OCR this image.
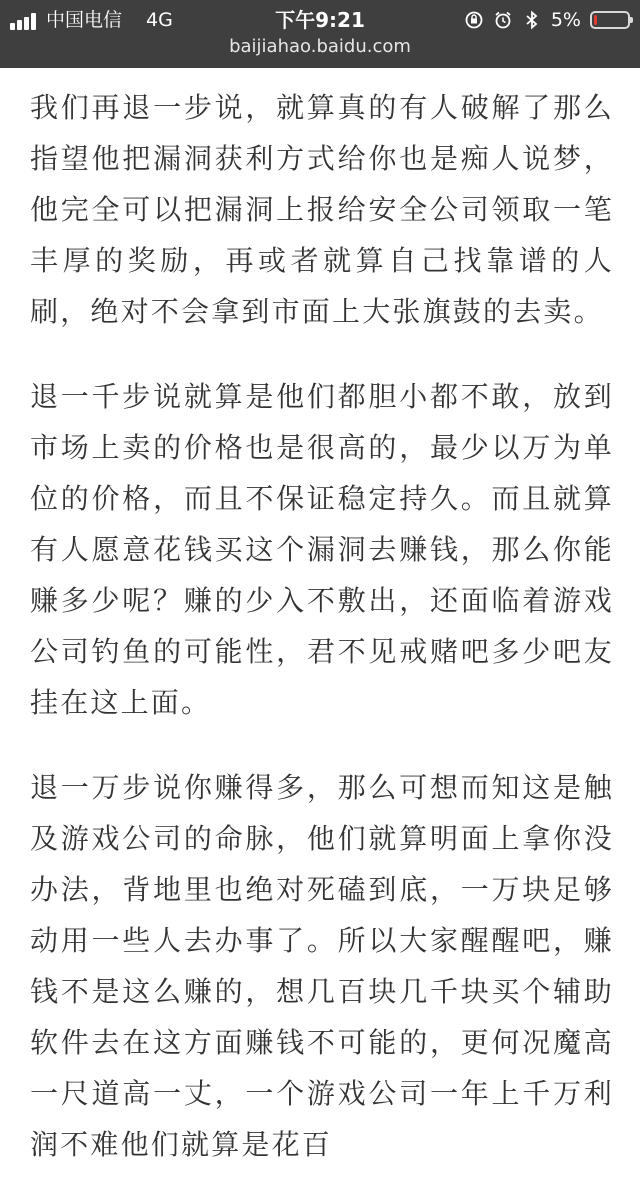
中国电信 4G	下午9:21	5%
baijiahao.baidu.com

我们再退一步说，就算真的有人破解了那么指望他把漏洞获利方式给你也是痴人说梦，他完全可以把漏洞上报给安全公司领取一笔丰厚的奖励，再或者就算自己找靠谱的人刷，绝对不会拿到市面上大张旗鼓的去卖。

退一千步说就算是他们都胆小都不敢，放到市场上卖的价格也是很高的，最少以万为单位的价格，而且不保证稳定持久。而且就算有人愿意花钱买这个漏洞去赚钱，那么你能赚多少呢？赚的少入不敷出，还面临着游戏公司钓鱼的可能性，君不见戒赌吧多少吧友挂在这上面。

退一万步说你赚得多，那么可想而知这是触及游戏公司的命脉，他们就算明面上拿你没办法，背地里也绝对死磕到底，一万块足够动用一些人去办事了。所以大家醒醒吧，赚钱不是这么赚的，想几百块几千块买个辅助软件去在这方面赚钱不可能的，更何况魔高一尺道高一丈，一个游戏公司一年上千万利润不难他们就算是花百
